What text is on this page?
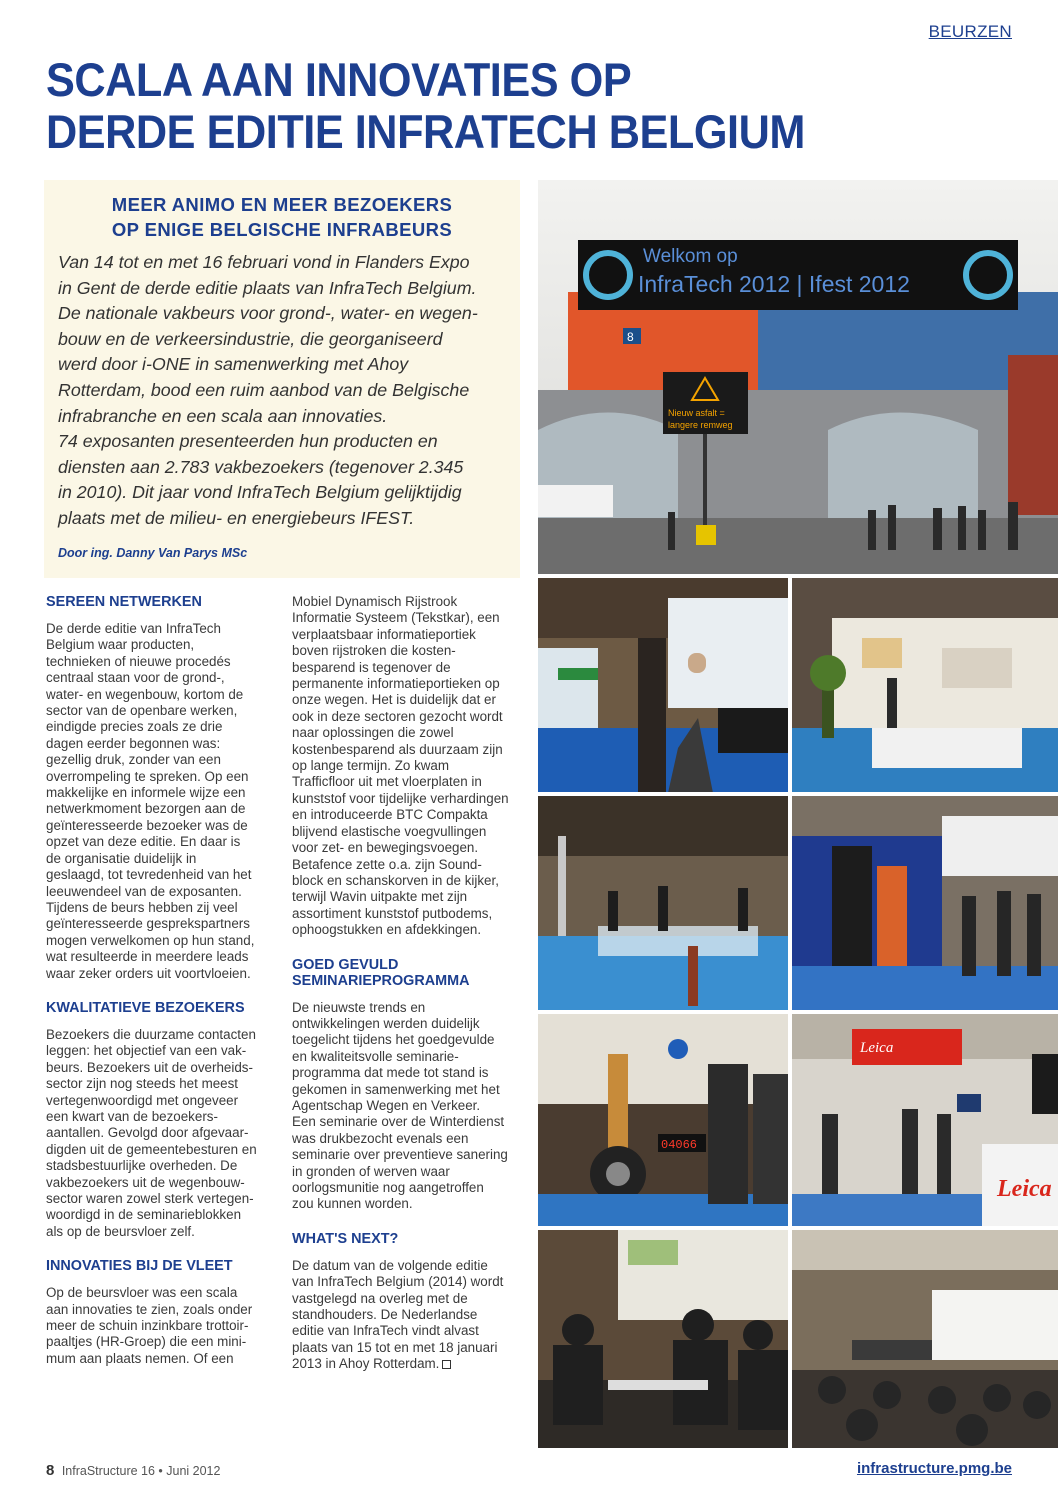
BEURZEN
SCALA AAN INNOVATIES OP
DERDE EDITIE INFRATECH BELGIUM
MEER ANIMO EN MEER BEZOEKERS
OP ENIGE BELGISCHE INFRABEURS

Van 14 tot en met 16 februari vond in Flanders Expo

in Gent de derde editie plaats van InfraTech Belgium.

De nationale vakbeurs voor grond-, water- en wegen-

bouw en de verkeersindustrie, die georganiseerd

werd door i-ONE in samenwerking met Ahoy

Rotterdam, bood een ruim aanbod van de Belgische

infrabranche en een scala aan innovaties.

74 exposanten presenteerden hun producten en

diensten aan 2.783 vakbezoekers (tegenover 2.345

in 2010). Dit jaar vond InfraTech Belgium gelijktijdig

plaats met de milieu- en energiebeurs IFEST.

Door ing. Danny Van Parys MSc
SEREEN NETWERKEN
De derde editie van InfraTech
Belgium waar producten,
technieken of nieuwe procedés
centraal staan voor de grond-,
water- en wegenbouw, kortom de
sector van de openbare werken,
eindigde precies zoals ze drie
dagen eerder begonnen was:
gezellig druk, zonder van een
overrompeling te spreken. Op een
makkelijke en informele wijze een
netwerkmoment bezorgen aan de
geïnteresseerde bezoeker was de
opzet van deze editie. En daar is
de organisatie duidelijk in
geslaagd, tot tevredenheid van het
leeuwendeel van de exposanten.
Tijdens de beurs hebben zij veel
geïnteresseerde gesprekspartners
mogen verwelkomen op hun stand,
wat resulteerde in meerdere leads
waar zeker orders uit voortvloeien.
KWALITATIEVE BEZOEKERS
Bezoekers die duurzame contacten
leggen: het objectief van een vak-
beurs. Bezoekers uit de overheids-
sector zijn nog steeds het meest
vertegenwoordigd met ongeveer
een kwart van de bezoekers-
aantallen. Gevolgd door afgevaar-
digden uit de gemeentebesturen en
stadsbestuurlijke overheden. De
vakbezoekers uit de wegenbouw-
sector waren zowel sterk vertegen-
woordigd in de seminarieblokken
als op de beursvloer zelf.
INNOVATIES BIJ DE VLEET
Op de beursvloer was een scala
aan innovaties te zien, zoals onder
meer de schuin inzinkbare trottoir-
paaltjes (HR-Groep) die een mini-
mum aan plaats nemen. Of een
Mobiel Dynamisch Rijstrook
Informatie Systeem (Tekstkar), een
verplaatsbaar informatieportiek
boven rijstroken die kosten-
besparend is tegenover de
permanente informatieportieken op
onze wegen. Het is duidelijk dat er
ook in deze sectoren gezocht wordt
naar oplossingen die zowel
kostenbesparend als duurzaam zijn
op lange termijn. Zo kwam
Trafficfloor uit met vloerplaten in
kunststof voor tijdelijke verhardingen
en introduceerde BTC Compakta
blijvend elastische voegvullingen
voor zet- en bewegingsvoegen.
Betafence zette o.a. zijn Sound-
block en schanskorven in de kijker,
terwijl Wavin uitpakte met zijn
assortiment kunststof putbodems,
ophoogstukken en afdekkingen.
GOED GEVULD
SEMINARIEPROGRAMMA
De nieuwste trends en
ontwikkelingen werden duidelijk
toegelicht tijdens het goedgevulde
en kwaliteitsvolle seminarie-
programma dat mede tot stand is
gekomen in samenwerking met het
Agentschap Wegen en Verkeer.
Een seminarie over de Winterdienst
was drukbezocht evenals een
seminarie over preventieve sanering
in gronden of werven waar
oorlogsmunitie nog aangetroffen
zou kunnen worden.
WHAT'S NEXT?
De datum van de volgende editie
van InfraTech Belgium (2014) wordt
vastgelegd na overleg met de
standhouders. De Nederlandse
editie van InfraTech vindt alvast
plaats van 15 tot en met 18 januari
2013 in Ahoy Rotterdam.
Welkom op
InfraTech 2012 | Ifest 2012
8
Nieuw asfalt =
langere remweg
04066
Leica
Leica
8 InfraStructure 16 • Juni 2012	infrastructure.pmg.be
